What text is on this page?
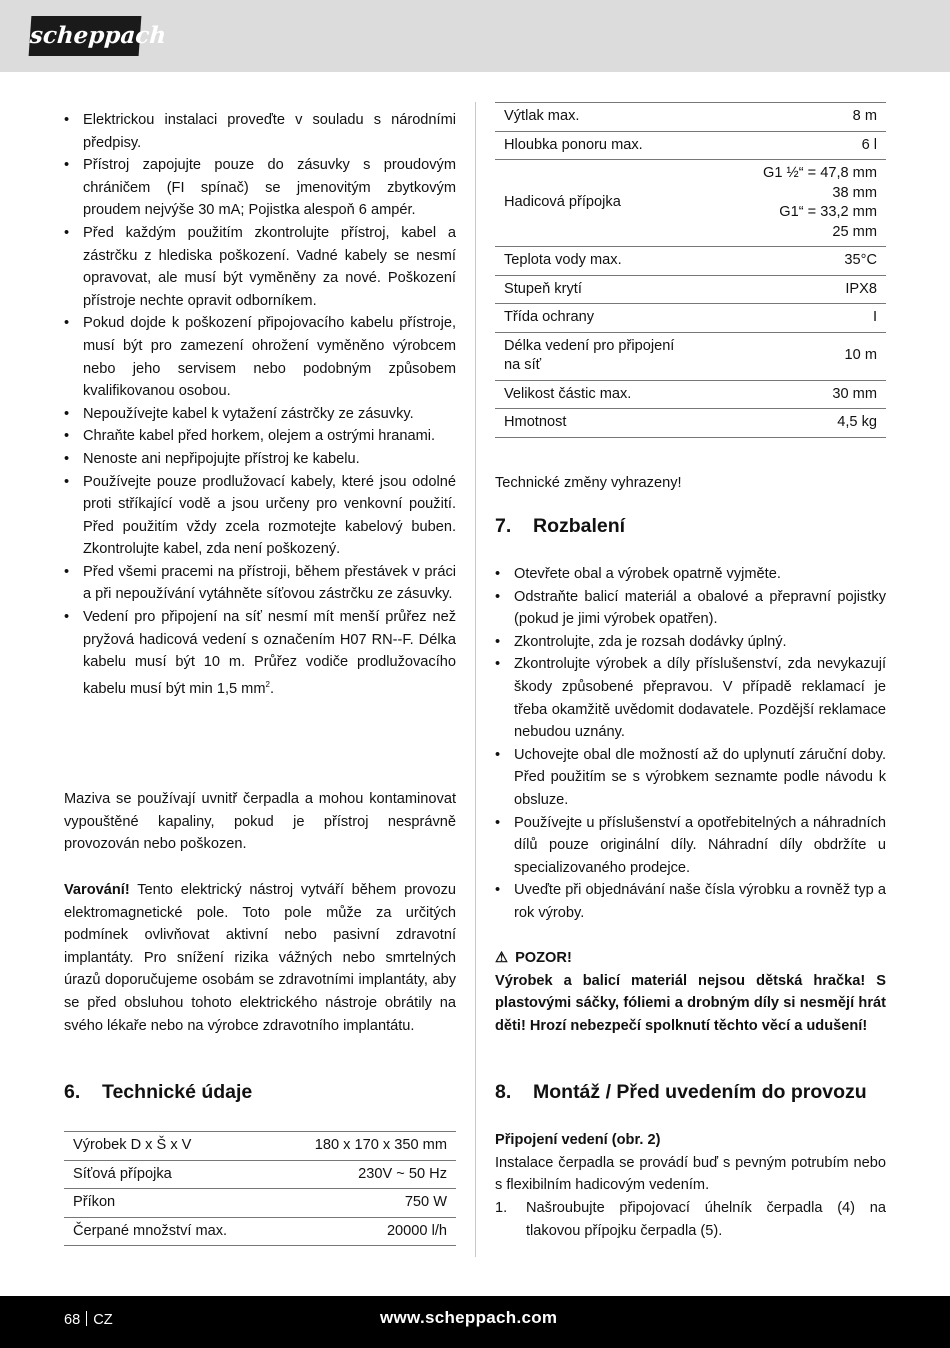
scheppach
• Elektrickou instalaci proveďte v souladu s národními předpisy.
• Přístroj zapojujte pouze do zásuvky s proudovým chráničem (FI spínač) se jmenovitým zbytkovým proudem nejvýše 30 mA; Pojistka alespoň 6 ampér.
• Před každým použitím zkontrolujte přístroj, kabel a zástrčku z hlediska poškození. Vadné kabely se nesmí opravovat, ale musí být vyměněny za nové. Poškození přístroje nechte opravit odborníkem.
• Pokud dojde k poškození připojovacího kabelu přístroje, musí být pro zamezení ohrožení vyměněno výrobcem nebo jeho servisem nebo podobným způsobem kvalifikovanou osobou.
• Nepoužívejte kabel k vytažení zástrčky ze zásuvky.
• Chraňte kabel před horkem, olejem a ostrými hranami.
• Nenoste ani nepřipojujte přístroj ke kabelu.
• Používejte pouze prodlužovací kabely, které jsou odolné proti stříkající vodě a jsou určeny pro venkovní použití. Před použitím vždy zcela rozmotejte kabelový buben. Zkontrolujte kabel, zda není poškozený.
• Před všemi pracemi na přístroji, během přestávek v práci a při nepoužívání vytáhněte síťovou zástrčku ze zásuvky.
• Vedení pro připojení na síť nesmí mít menší průřez než pryžová hadicová vedení s označením H07 RN--F. Délka kabelu musí být 10 m. Průřez vodiče prodlužovacího kabelu musí být min 1,5 $mm^2$.

Maziva se používají uvnitř čerpadla a mohou kontaminovat vypouštěné kapaliny, pokud je přístroj nesprávně provozován nebo poškozen.

Varování! Tento elektrický nástroj vytváří během provozu elektromagnetické pole. Toto pole může za určitých podmínek ovlivňovat aktivní nebo pasivní zdravotní implantáty. Pro snížení rizika vážných nebo smrtelných úrazů doporučujeme osobám se zdravotními implantáty, aby se před obsluhou tohoto elektrického nástroje obrátily na svého lékaře nebo na výrobce zdravotního implantátu.

6. Technické údaje
Výrobek D x Š x V	180 x 170 x 350 mm
Síťová přípojka	230V ~ 50 Hz
Příkon	750 W
Čerpané množství max.	20000 l/h
Výtlak max.	8 m
Hloubka ponoru max.	6 l
Hadicová přípojka	G1 ½“ = 47,8 mm
38 mm
G1“ = 33,2 mm
25 mm

Teplota vody max.	35°C
Stupeň krytí	IPX8
Třída ochrany	I

Délka vedení pro připojení
na síť	10 m
Velikost částic max.	30 mm
Hmotnost	4,5 kg

Technické změny vyhrazeny!

7. Rozbalení
• Otevřete obal a výrobek opatrně vyjměte.
• Odstraňte balicí materiál a obalové a přepravní pojistky (pokud je jimi výrobek opatřen).
• Zkontrolujte, zda je rozsah dodávky úplný.
• Zkontrolujte výrobek a díly příslušenství, zda nevykazují škody způsobené přepravou. V případě reklamací je třeba okamžitě uvědomit dodavatele. Pozdější reklamace nebudou uznány.
• Uchovejte obal dle možností až do uplynutí záruční doby. Před použitím se s výrobkem seznamte podle návodu k obsluze.
• Používejte u příslušenství a opotřebitelných a náhradních dílů pouze originální díly. Náhradní díly obdržíte u specializovaného prodejce.
• Uveďte při objednávání naše čísla výrobku a rovněž typ a rok výroby.
⚠ POZOR!
Výrobek a balicí materiál nejsou dětská hračka! S plastovými sáčky, fóliemi a drobným díly si nesmějí hrát děti! Hrozí nebezpečí spolknutí těchto věcí a udušení!
8. Montáž / Před uvedením do provozu
Připojení vedení (obr. 2)
Instalace čerpadla se provádí buď s pevným potrubím nebo s flexibilním hadicovým vedením.
1. Našroubujte připojovací úhelník čerpadla (4) na tlakovou přípojku čerpadla (5).
68 CZ	www.scheppach.com
